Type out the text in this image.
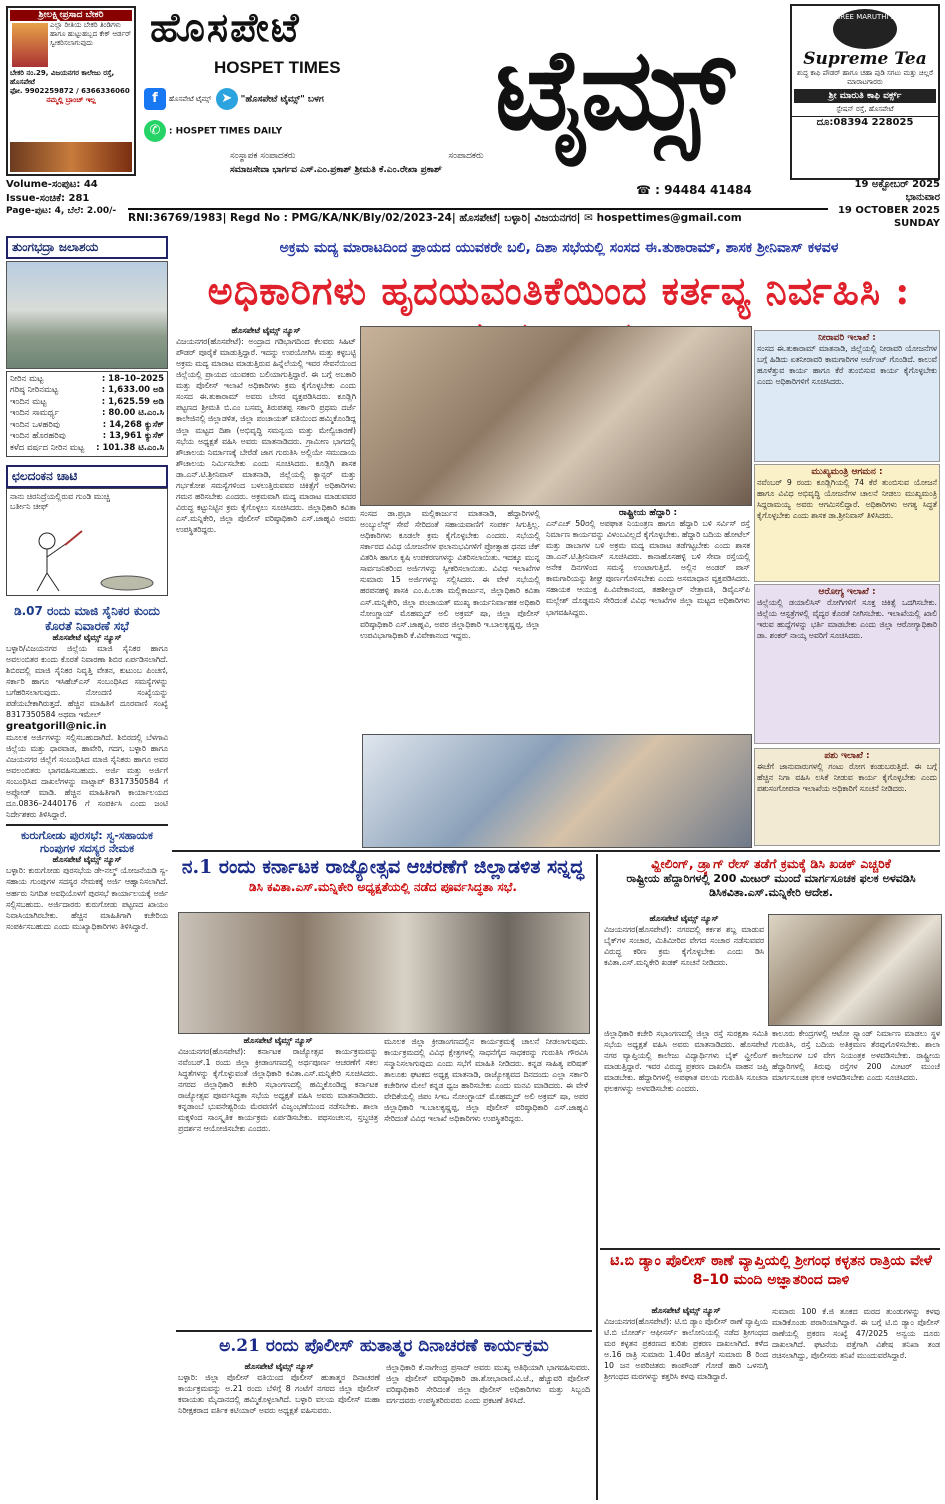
ಶ್ರೀಲಕ್ಷ್ಮೀಪ್ರಸಾದ ಬೇಕರಿ
ಎಲ್ಲಾ ರೀತಿಯ ಬೇಕರಿ ತಿಂಡಿಗಳು ಹಾಗೂ ಹುಟ್ಟುಹಬ್ಬದ ಕೇಕ್ ಆರ್ಡರ್ ಸ್ವೀಕರಿಸಲಾಗುವುದು
ಬೇಕರಿ ನಂ.29, ವಿಜಯನಗರ ಕಾಲೇಜು ರಸ್ತೆ, ಹೊಸಪೇಟೆ
ಫೋ. 9902259872 / 6366336060
ನಮ್ಮಲ್ಲಿ ಬ್ರಾಂಚ್ ಇಲ್ಲ
ಹೊಸಪೇಟೆ
HOSPET TIMES	ಟೈಮ್ಸ್
f ಹೊಸಪೇಟೆ ಟೈಮ್ಸ್ ➤ "ಹೊಸಪೇಟೆ ಟೈಮ್ಸ್" ಬಳಗ
✆ : HOSPET TIMES DAILY
SREE MARUTHI's
Supreme Tea
ಶುದ್ಧ ಕಾಫಿ ಪೌಡರ್ ಹಾಗೂ ಚಹಾ ಪುಡಿ ಸಗಟು ಮತ್ತು ಚಿಲ್ಲರೆ ಮಾರಾಟಗಾರರು
ಶ್ರೀ ಮಾರುತಿ ಕಾಫಿ ವರ್ಕ್ಸ್
ಸ್ಟೇಷನ್ ರಸ್ತೆ, ಹೊಸಪೇಟೆ
ದೂ:08394 228025
ಸಂಸ್ಥಾಪಕ ಸಂಪಾದಕರು	ಸಂಪಾದಕರು
ಸಮಾಜಸೇವಾ ಭಾರ್ಗವ ಎಸ್.ಎಂ.ಪ್ರಕಾಶ್ ಶ್ರೀಮತಿ ಕೆ.ಎಂ.ರೇಖಾ ಪ್ರಕಾಶ್
☎ : 94484 41484
Volume-ಸಂಪುಟ: 44
Issue-ಸಂಚಿಕೆ: 281
Page-ಪುಟ: 4, ಬೆಲೆ: 2.00/-
19 ಅಕ್ಟೋಬರ್ 2025
ಭಾನುವಾರ
19 OCTOBER 2025
SUNDAY
RNI:36769/1983| Regd No : PMG/KA/NK/Bly/02/2023-24| ಹೊಸಪೇಟೆ| ಬಳ್ಳಾರಿ| ವಿಜಯನಗರ| ✉ hospettimes@gmail.com
ತುಂಗಭದ್ರಾ ಜಲಾಶಯ
ನೀರಿನ ಮಟ್ಟ	: 18–10–2025
ಗರಿಷ್ಠ ನೀರಿನಮಟ್ಟ	: 1,633.00 ಅಡಿ
ಇಂದಿನ ಮಟ್ಟ	: 1,625.59 ಅಡಿ
ಇಂದಿನ ಸಾಮರ್ಥ್ಯ	: 80.00 ಟಿ.ಎಂ.ಸಿ
ಇಂದಿನ ಒಳಹರಿವು	: 14,268 ಕ್ಯುಸೆಕ್
ಇಂದಿನ ಹೊರಹರಿವು	: 13,961 ಕ್ಯುಸೆಕ್
ಕಳೆದ ವರ್ಷದ ನೀರಿನ ಮಟ್ಟ : 101.38 ಟಿ.ಎಂ.ಸಿ
ಛಲದಂಕನ ಚಾಟಿ
ನಾನು ಚಿರನಿದ್ರೆಯಲ್ಲಿರುವ ಗುಂಡಿ ಮುಚ್ಚಿ ಬರ್ತೀನಿ ಚೀಫ್
ಡಿ.07 ರಂದು ಮಾಜಿ ಸೈನಿಕರ ಕುಂದು ಕೊರತೆ ನಿವಾರಣೆ ಸಭೆ
ಹೊಸಪೇಟೆ ಟೈಮ್ಸ್ ನ್ಯೂಸ್
ಬಳ್ಳಾರಿ/ವಿಜಯನಗರ ಜಿಲ್ಲೆಯ ಮಾಜಿ ಸೈನಿಕರ ಹಾಗೂ ಅವಲಂಬಿತರ ಕುಂದು ಕೊರತೆ ನಿವಾರಣಾ ಶಿಬಿರ ಏರ್ಪಡಿಸಲಾಗಿದೆ. ಶಿಬಿರದಲ್ಲಿ ಮಾಜಿ ಸೈನಿಕರ ನಿವೃತ್ತಿ ವೇತನ, ಕುಟುಂಬ ಪಿಂಚಣಿ, ಸರ್ಕಾರಿ ಹಾಗೂ ಇಸಿಹೆಚ್ಎಸ್ ಸಂಬಂಧಿಸಿದ ಸಮಸ್ಯೆಗಳನ್ನು ಬಗೆಹರಿಸಲಾಗುವುದು. ನೋಂದಣಿ ಸಂಖ್ಯೆಯನ್ನು ಪಡೆಯಬೇಕಾಗಿರುತ್ತದೆ. ಹೆಚ್ಚಿನ ಮಾಹಿತಿಗೆ ದೂರವಾಣಿ ಸಂಖ್ಯೆ 8317350584 ಅಥವಾ ಇಮೇಲ್
greatgorill@nic.in
ಮೂಲಕ ಅರ್ಜಿಗಳನ್ನು ಸಲ್ಲಿಸಬಹುದಾಗಿದೆ. ಶಿಬಿರದಲ್ಲಿ ಬೆಳಗಾವಿ ಜಿಲ್ಲೆಯ ಮತ್ತು ಧಾರವಾಡ, ಹಾವೇರಿ, ಗದಗ, ಬಳ್ಳಾರಿ ಹಾಗೂ ವಿಜಯನಗರ ಜಿಲ್ಲೆಗೆ ಸಂಬಂಧಿಸಿದ ಮಾಜಿ ಸೈನಿಕರು ಹಾಗೂ ಅವರ ಅವಲಂಬಿತರು ಭಾಗವಹಿಸಬಹುದು. ಅರ್ಜಿ ಮತ್ತು ಅರ್ಜಿಗೆ ಸಂಬಂಧಿಸಿದ ದಾಖಲೆಗಳನ್ನು ವಾಟ್ಸಾಪ್ 8317350584 ಗೆ ಅಪ್ಲೋಡ್ ಮಾಡಿ. ಹೆಚ್ಚಿನ ಮಾಹಿತಿಗಾಗಿ ಕಾರ್ಯಾಲಯದ ದೂ.0836–2440176 ಗೆ ಸಂಪರ್ಕಿಸಿ ಎಂದು ಜಂಟಿ ನಿರ್ದೇಶಕರು ತಿಳಿಸಿದ್ದಾರೆ.
ಕುರುಗೋಡು ಪುರಸಭೆ: ಸ್ವ-ಸಹಾಯಕ ಗುಂಪುಗಳ ಸದಸ್ಯರ ನೇಮಕ
ಹೊಸಪೇಟೆ ಟೈಮ್ಸ್ ನ್ಯೂಸ್
ಬಳ್ಳಾರಿ: ಕುರುಗೋಡು ಪುರಸಭೆಯ ಡೇ-ನಲ್ಮ್ ಯೋಜನೆಯಡಿ ಸ್ವ-ಸಹಾಯ ಗುಂಪುಗಳ ಸದಸ್ಯರ ನೇಮಕಕ್ಕೆ ಅರ್ಜಿ ಆಹ್ವಾನಿಸಲಾಗಿದೆ. ಅರ್ಹರು ನಿಗದಿತ ಅವಧಿಯೊಳಗೆ ಪುರಸಭೆ ಕಾರ್ಯಾಲಯಕ್ಕೆ ಅರ್ಜಿ ಸಲ್ಲಿಸಬಹುದು. ಅರ್ಜಿದಾರರು ಕುರುಗೋಡು ಪಟ್ಟಣದ ಖಾಯಂ ನಿವಾಸಿಯಾಗಿರಬೇಕು. ಹೆಚ್ಚಿನ ಮಾಹಿತಿಗಾಗಿ ಕಚೇರಿಯ ಸಂಪರ್ಕಿಸಬಹುದು ಎಂದು ಮುಖ್ಯಾಧಿಕಾರಿಗಳು ತಿಳಿಸಿದ್ದಾರೆ.
ಅಕ್ರಮ ಮದ್ಯ ಮಾರಾಟದಿಂದ ಪ್ರಾಯದ ಯುವಕರೇ ಬಲಿ, ದಿಶಾ ಸಭೆಯಲ್ಲಿ ಸಂಸದ ಈ.ತುಕಾರಾಮ್, ಶಾಸಕ ಶ್ರೀನಿವಾಸ್ ಕಳವಳ
ಅಧಿಕಾರಿಗಳು ಹೃದಯವಂತಿಕೆಯಿಂದ ಕರ್ತವ್ಯ ನಿರ್ವಹಿಸಿ :
ಹೊಸಪೇಟೆ ಟೈಮ್ಸ್ ನ್ಯೂಸ್
ವಿಜಯನಗರ(ಹೊಸಪೇಟೆ): ಅಂದ್ರಾದ ಗಡಿಭಾಗದಿಂದ ಕೆಲವರು ಸಿಹಿಟ್ ಪೌಡರ್ ಪೂರೈಕೆ ಮಾಡುತ್ತಿದ್ದಾರೆ. ಇದನ್ನು ಉಪಯೋಗಿಸಿ ಮತ್ತು ಕಳ್ಳಬಟ್ಟಿ ಅಕ್ರಮ ಮದ್ಯ ಮಾರಾಟ ಮಾಡುತ್ತಿರುವ ಹಿನ್ನೆಲೆಯಲ್ಲಿ ಇವರ ಸೇವನೆಯಿಂದ ಜಿಲ್ಲೆಯಲ್ಲಿ ಪ್ರಾಯದ ಯುವಕರು ಬಲಿಯಾಗುತ್ತಿದ್ದಾರೆ. ಈ ಬಗ್ಗೆ ಅಬಕಾರಿ ಮತ್ತು ಪೊಲೀಸ್ ಇಲಾಖೆ ಅಧಿಕಾರಿಗಳು ಕ್ರಮ ಕೈಗೊಳ್ಳಬೇಕು ಎಂದು ಸಂಸದ ಈ.ತುಕಾರಾಮ್ ಅವರು ಬೇಸರ ವ್ಯಕ್ತಪಡಿಸಿದರು. ಕೂಡ್ಲಿಗಿ ಪಟ್ಟಣದ ಶ್ರೀಮತಿ ಬಿ.ಎಂ ಬಸಮ್ಮ ತಿರುಪತಪ್ಪ ಸರ್ಕಾರಿ ಪ್ರಥಮ ದರ್ಜೆ ಕಾಲೇಜಿನಲ್ಲಿ ಜಿಲ್ಲಾಡಳಿತ, ಜಿಲ್ಲಾ ಪಂಚಾಯತ್ ವತಿಯಿಂದ ಹಮ್ಮಿಕೊಂಡಿದ್ದ ಜಿಲ್ಲಾ ಮಟ್ಟದ ದಿಶಾ (ಅಭಿವೃದ್ಧಿ ಸಮನ್ವಯ ಮತ್ತು ಮೇಲ್ವಿಚಾರಣೆ) ಸಭೆಯ ಅಧ್ಯಕ್ಷತೆ ವಹಿಸಿ ಅವರು ಮಾತನಾಡಿದರು. ಗ್ರಾಮೀಣ ಭಾಗದಲ್ಲಿ ಶೌಚಾಲಯ ನಿರ್ಮಾಣಕ್ಕೆ ಬೇರೆಡೆ ಜಾಗ ಗುರುತಿಸಿ ಅಲ್ಲಿಯೇ ಸಮುದಾಯ ಶೌಚಾಲಯ ನಿರ್ಮಿಸಬೇಕು ಎಂದು ಸೂಚಿಸಿದರು. ಕೂಡ್ಲಿಗಿ ಶಾಸಕ ಡಾ.ಎನ್.ಟಿ.ಶ್ರೀನಿವಾಸ್ ಮಾತನಾಡಿ, ಜಿಲ್ಲೆಯಲ್ಲಿ ಕ್ಯಾನ್ಸರ್ ಮತ್ತು ಗರ್ಭಕೋಶ ಸಮಸ್ಯೆಗಳಿಂದ ಬಳಲುತ್ತಿರುವವರ ಚಿಕಿತ್ಸೆಗೆ ಅಧಿಕಾರಿಗಳು ಗಮನ ಹರಿಸಬೇಕು ಎಂದರು. ಅಕ್ರಮವಾಗಿ ಮದ್ಯ ಮಾರಾಟ ಮಾಡುವವರ ವಿರುದ್ಧ ಕಟ್ಟುನಿಟ್ಟಿನ ಕ್ರಮ ಕೈಗೊಳ್ಳಲು ಸೂಚಿಸಿದರು. ಜಿಲ್ಲಾಧಿಕಾರಿ ಕವಿತಾ ಎಸ್.ಮನ್ನಿಕೇರಿ, ಜಿಲ್ಲಾ ಪೊಲೀಸ್ ವರಿಷ್ಠಾಧಿಕಾರಿ ಎಸ್.ಜಾಹ್ನವಿ ಅವರು ಉಪಸ್ಥಿತರಿದ್ದರು.
ಸಂಸದ ಡಾ.ಪ್ರಭಾ ಮಲ್ಲಿಕಾರ್ಜುನ ಮಾತನಾಡಿ, ಹೆದ್ದಾರಿಗಳಲ್ಲಿ ಅಂಬ್ಯುಲೆನ್ಸ್ ಸೇವೆ ಸೇರಿದಂತೆ ಸಹಾಯವಾಣಿಗೆ ಸಂಪರ್ಕ ಸಿಗುತ್ತಿಲ್ಲ. ಅಧಿಕಾರಿಗಳು ಕೂಡಲೇ ಕ್ರಮ ಕೈಗೊಳ್ಳಬೇಕು ಎಂದರು. ಸಭೆಯಲ್ಲಿ ಸರ್ಕಾರದ ವಿವಿಧ ಯೋಜನೆಗಳ ಫಲಾನುಭವಿಗಳಿಗೆ ಪ್ರೋತ್ಸಾಹ ಧನದ ಚೆಕ್ ವಿತರಿಸಿ ಹಾಗೂ ಕೃಷಿ ಉಪಕರಣಗಳನ್ನು ವಿತರಿಸಲಾಯಿತು. ಇದಕ್ಕೂ ಮುನ್ನ ಸಾರ್ವಜನಿಕರಿಂದ ಅರ್ಜಿಗಳನ್ನು ಸ್ವೀಕರಿಸಲಾಯಿತು. ವಿವಿಧ ಇಲಾಖೆಗಳ ಸುಮಾರು 15 ಅರ್ಜಿಗಳನ್ನು ಸಲ್ಲಿಸಿದರು. ಈ ವೇಳೆ ಸಭೆಯಲ್ಲಿ ಹರಪನಹಳ್ಳಿ ಶಾಸಕಿ ಎಂ.ಪಿ.ಲತಾ ಮಲ್ಲಿಕಾರ್ಜುನ, ಜಿಲ್ಲಾಧಿಕಾರಿ ಕವಿತಾ ಎಸ್.ಮನ್ನಿಕೇರಿ, ಜಿಲ್ಲಾ ಪಂಚಾಯತ್ ಮುಖ್ಯ ಕಾರ್ಯನಿರ್ವಾಹಕ ಅಧಿಕಾರಿ ನೋಂಗ್ಜಾಯ್ ಮೊಹಮ್ಮದ್ ಅಲಿ ಅಕ್ರಮ್ ಷಾ, ಜಿಲ್ಲಾ ಪೊಲೀಸ್ ವರಿಷ್ಠಾಧಿಕಾರಿ ಎಸ್.ಜಾಹ್ನವಿ, ಅಪರ ಜಿಲ್ಲಾಧಿಕಾರಿ ಇ.ಬಾಲಕೃಷ್ಣಪ್ಪ, ಜಿಲ್ಲಾ ಉಪವಿಭಾಗಾಧಿಕಾರಿ ಕೆ.ವಿವೇಕಾನಂದ ಇದ್ದರು.
ರಾಷ್ಟ್ರೀಯ ಹೆದ್ದಾರಿ :
ಎನ್ಎಚ್ 50ರಲ್ಲಿ ಅಪಘಾತ ನಿಯಂತ್ರಣ ಹಾಗೂ ಹೆದ್ದಾರಿ ಬಳಿ ಸರ್ವಿಸ್ ರಸ್ತೆ ನಿರ್ಮಾಣ ಕಾರ್ಯವನ್ನು ವಿಳಂಬವಿಲ್ಲದೆ ಕೈಗೊಳ್ಳಬೇಕು. ಹೆದ್ದಾರಿ ಬದಿಯ ಹೋಟೆಲ್ ಮತ್ತು ಡಾಬಾಗಳ ಬಳಿ ಅಕ್ರಮ ಮದ್ಯ ಮಾರಾಟ ತಡೆಗಟ್ಟಬೇಕು ಎಂದು ಶಾಸಕ ಡಾ.ಎನ್.ಟಿ.ಶ್ರೀನಿವಾಸ್ ಸೂಚಿಸಿದರು. ಕಾನಾಹೊಸಹಳ್ಳಿ ಬಳಿ ಸೇವಾ ರಸ್ತೆಯಲ್ಲಿ ಅನೇಕ ದಿನಗಳಿಂದ ಸಮಸ್ಯೆ ಉಂಟಾಗುತ್ತಿದೆ. ಅಲ್ಲಿನ ಅಂಡರ್ ಪಾಸ್ ಕಾಮಗಾರಿಯನ್ನು ಶೀಘ್ರ ಪೂರ್ಣಗೊಳಿಸಬೇಕು ಎಂದು ಅಸಮಾಧಾನ ವ್ಯಕ್ತಪಡಿಸಿದರು. ಸಹಾಯಕ ಆಯುಕ್ತ ಪಿ.ವಿವೇಕಾನಂದ, ತಹಶೀಲ್ದಾರ್ ನೇತ್ರಾವತಿ, ಡಿವೈಎಸ್‌ಪಿ ಮಲ್ಲೇಶ್ ದೊಡ್ಡಮನಿ ಸೇರಿದಂತೆ ವಿವಿಧ ಇಲಾಖೆಗಳ ಜಿಲ್ಲಾ ಮಟ್ಟದ ಅಧಿಕಾರಿಗಳು ಭಾಗವಹಿಸಿದ್ದರು.
ನೀರಾವರಿ ಇಲಾಖೆ :
ಸಂಸದ ಈ.ತುಕಾರಾಮ್ ಮಾತನಾಡಿ, ಜಿಲ್ಲೆಯಲ್ಲಿ ನೀರಾವರಿ ಯೋಜನೆಗಳ ಬಗ್ಗೆ ಹಿಡಿದು ಏತನೀರಾವರಿ ಕಾಮಗಾರಿಗಳ ಅರ್ಜೆಂಟ್ ಗೊಂಡಿದೆ. ಕಾಲುವೆ ಹೂಳೆತ್ತುವ ಕಾರ್ಯ ಹಾಗೂ ಕೆರೆ ತುಂಬಿಸುವ ಕಾರ್ಯ ಕೈಗೊಳ್ಳಬೇಕು ಎಂದು ಅಧಿಕಾರಿಗಳಿಗೆ ಸೂಚಿಸಿದರು.
ಮುಖ್ಯಮಂತ್ರಿ ಆಗಮನ :
ನವೆಂಬರ್ 9 ರಂದು ಕೂಡ್ಲಿಗಿಯಲ್ಲಿ 74 ಕೆರೆ ತುಂಬಿಸುವ ಯೋಜನೆ ಹಾಗೂ ವಿವಿಧ ಅಭಿವೃದ್ಧಿ ಯೋಜನೆಗಳ ಚಾಲನೆ ನೀಡಲು ಮುಖ್ಯಮಂತ್ರಿ ಸಿದ್ದರಾಮಯ್ಯ ಅವರು ಆಗಮಿಸಲಿದ್ದಾರೆ. ಅಧಿಕಾರಿಗಳು ಅಗತ್ಯ ಸಿದ್ಧತೆ ಕೈಗೊಳ್ಳಬೇಕು ಎಂದು ಶಾಸಕ ಡಾ.ಶ್ರೀನಿವಾಸ್ ತಿಳಿಸಿದರು.
ಆರೋಗ್ಯ ಇಲಾಖೆ :
ಜಿಲ್ಲೆಯಲ್ಲಿ ಡಯಾಲಿಸಿಸ್ ರೋಗಿಗಳಿಗೆ ಸೂಕ್ತ ಚಿಕಿತ್ಸೆ ಒದಗಿಸಬೇಕು. ಜಿಲ್ಲೆಯ ಆಸ್ಪತ್ರೆಗಳಲ್ಲಿ ವೈದ್ಯರ ಕೊರತೆ ನೀಗಿಸಬೇಕು. ಇಲಾಖೆಯಲ್ಲಿ ಖಾಲಿ ಇರುವ ಹುದ್ದೆಗಳನ್ನು ಭರ್ತಿ ಮಾಡಬೇಕು ಎಂದು ಜಿಲ್ಲಾ ಆರೋಗ್ಯಾಧಿಕಾರಿ ಡಾ. ಶಂಕರ್ ನಾಯ್ಕ ಅವರಿಗೆ ಸೂಚಿಸಿದರು.
ಪಶು ಇಲಾಖೆ :
ಈಚೆಗೆ ಜಾನುವಾರುಗಳಲ್ಲಿ ಗಂಟು ರೋಗ ಕಂಡುಬರುತ್ತಿದೆ. ಈ ಬಗ್ಗೆ ಹೆಚ್ಚಿನ ನಿಗಾ ವಹಿಸಿ ಲಸಿಕೆ ನೀಡುವ ಕಾರ್ಯ ಕೈಗೊಳ್ಳಬೇಕು ಎಂದು ಪಶುಸಂಗೋಪನಾ ಇಲಾಖೆಯ ಅಧಿಕಾರಿಗೆ ಸೂಚನೆ ನೀಡಿದರು.
ನ.1 ರಂದು ಕರ್ನಾಟಕ ರಾಜ್ಯೋತ್ಸವ ಆಚರಣೆಗೆ ಜಿಲ್ಲಾಡಳಿತ ಸನ್ನದ್ಧ
ಡಿಸಿ ಕವಿತಾ.ಎಸ್.ಮನ್ನಿಕೇರಿ ಅಧ್ಯಕ್ಷತೆಯಲ್ಲಿ ನಡೆದ ಪೂರ್ವಸಿದ್ಧತಾ ಸಭೆ.
ಹೊಸಪೇಟೆ ಟೈಮ್ಸ್ ನ್ಯೂಸ್
ವಿಜಯನಗರ(ಹೊಸಪೇಟೆ): ಕರ್ನಾಟಕ ರಾಜ್ಯೋತ್ಸವ ಕಾರ್ಯಕ್ರಮವನ್ನು ನವೆಂಬರ್.1 ರಂದು ಜಿಲ್ಲಾ ಕ್ರೀಡಾಂಗಣದಲ್ಲಿ ಅರ್ಥಪೂರ್ಣ ಆಚರಣೆಗೆ ಸಕಲ ಸಿದ್ಧತೆಗಳನ್ನು ಕೈಗೊಳ್ಳುವಂತೆ ಜಿಲ್ಲಾಧಿಕಾರಿ ಕವಿತಾ.ಎಸ್.ಮನ್ನಿಕೇರಿ ಸೂಚಿಸಿದರು. ನಗರದ ಜಿಲ್ಲಾಧಿಕಾರಿ ಕಚೇರಿ ಸಭಾಂಗಣದಲ್ಲಿ ಹಮ್ಮಿಕೊಂಡಿದ್ದ ಕರ್ನಾಟಕ ರಾಜ್ಯೋತ್ಸವ ಪೂರ್ವಸಿದ್ಧತಾ ಸಭೆಯ ಅಧ್ಯಕ್ಷತೆ ವಹಿಸಿ ಅವರು ಮಾತನಾಡಿದರು. ಕನ್ನಡಾಂಬೆ ಭುವನೇಶ್ವರಿಯ ಮೆರವಣಿಗೆ ವಿಜೃಂಭಣೆಯಿಂದ ನಡೆಸಬೇಕು. ಶಾಲಾ ಮಕ್ಕಳಿಂದ ಸಾಂಸ್ಕೃತಿಕ ಕಾರ್ಯಕ್ರಮ ಏರ್ಪಡಿಸಬೇಕು. ಪಥಸಂಚಲನ, ಸ್ತಬ್ಧಚಿತ್ರ ಪ್ರದರ್ಶನ ಆಯೋಜಿಸಬೇಕು ಎಂದರು.
ಮೂಲಕ ಜಿಲ್ಲಾ ಕ್ರೀಡಾಂಗಣದಲ್ಲಿನ ಕಾರ್ಯಕ್ರಮಕ್ಕೆ ಚಾಲನೆ ನೀಡಲಾಗುವುದು. ಕಾರ್ಯಕ್ರಮದಲ್ಲಿ ವಿವಿಧ ಕ್ಷೇತ್ರಗಳಲ್ಲಿ ಸಾಧನೆಗೈದ ಸಾಧಕರನ್ನು ಗುರುತಿಸಿ ಗೌರವಿಸಿ ಸನ್ಮಾನಿಸಲಾಗುವುದು ಎಂದು ಸಭೆಗೆ ಮಾಹಿತಿ ನೀಡಿದರು. ಕನ್ನಡ ಸಾಹಿತ್ಯ ಪರಿಷತ್ ತಾಲೂಕು ಘಟಕದ ಅಧ್ಯಕ್ಷ ಮಾತನಾಡಿ, ರಾಜ್ಯೋತ್ಸವದ ದಿನದಂದು ಎಲ್ಲಾ ಸರ್ಕಾರಿ ಕಚೇರಿಗಳ ಮೇಲೆ ಕನ್ನಡ ಧ್ವಜ ಹಾರಿಸಬೇಕು ಎಂದು ಮನವಿ ಮಾಡಿದರು. ಈ ವೇಳೆ ವೇದಿಕೆಯಲ್ಲಿ ಜಿಪಂ ಸಿಇಒ ನೋಂಗ್ಜಾಯ್ ಮೊಹಮ್ಮದ್ ಅಲಿ ಅಕ್ರಮ್ ಷಾ, ಅಪರ ಜಿಲ್ಲಾಧಿಕಾರಿ ಇ.ಬಾಲಕೃಷ್ಣಪ್ಪ, ಜಿಲ್ಲಾ ಪೊಲೀಸ್ ವರಿಷ್ಠಾಧಿಕಾರಿ ಎಸ್.ಜಾಹ್ನವಿ ಸೇರಿದಂತೆ ವಿವಿಧ ಇಲಾಖೆ ಅಧಿಕಾರಿಗಳು ಉಪಸ್ಥಿತರಿದ್ದರು.
ಅ.21 ರಂದು ಪೊಲೀಸ್ ಹುತಾತ್ಮರ ದಿನಾಚರಣೆ ಕಾರ್ಯಕ್ರಮ
ಹೊಸಪೇಟೆ ಟೈಮ್ಸ್ ನ್ಯೂಸ್
ಬಳ್ಳಾರಿ: ಜಿಲ್ಲಾ ಪೊಲೀಸ್ ವತಿಯಿಂದ ಪೊಲೀಸ್ ಹುತಾತ್ಮರ ದಿನಾಚರಣೆ ಕಾರ್ಯಕ್ರಮವನ್ನು ಅ.21 ರಂದು ಬೆಳಿಗ್ಗೆ 8 ಗಂಟೆಗೆ ನಗರದ ಜಿಲ್ಲಾ ಪೊಲೀಸ್ ಕವಾಯತು ಮೈದಾನದಲ್ಲಿ ಹಮ್ಮಿಕೊಳ್ಳಲಾಗಿದೆ. ಬಳ್ಳಾರಿ ವಲಯ ಪೊಲೀಸ್ ಮಹಾ ನಿರೀಕ್ಷಕರಾದ ವರ್ತಿಕ ಕಟಿಯಾರ್ ಅವರು ಅಧ್ಯಕ್ಷತೆ ವಹಿಸುವರು.
ಜಿಲ್ಲಾಧಿಕಾರಿ ಕೆ.ನಾಗೇಂದ್ರ ಪ್ರಸಾದ್ ಅವರು ಮುಖ್ಯ ಅತಿಥಿಯಾಗಿ ಭಾಗವಹಿಸುವರು. ಜಿಲ್ಲಾ ಪೊಲೀಸ್ ವರಿಷ್ಠಾಧಿಕಾರಿ ಡಾ.ಶೋಭಾರಾಣಿ.ವಿ.ಜೆ., ಹೆಚ್ಚುವರಿ ಪೊಲೀಸ್ ವರಿಷ್ಠಾಧಿಕಾರಿ ಸೇರಿದಂತೆ ಜಿಲ್ಲಾ ಪೊಲೀಸ್ ಅಧಿಕಾರಿಗಳು ಮತ್ತು ಸಿಬ್ಬಂದಿ ವರ್ಗದವರು ಉಪಸ್ಥಿತರಿರುವರು ಎಂದು ಪ್ರಕಟಣೆ ತಿಳಿಸಿದೆ.
ವ್ಹೀಲಿಂಗ್, ಡ್ರ್ಯಾಗ್ ರೇಸ್ ತಡೆಗೆ ಕ್ರಮಕ್ಕೆ ಡಿಸಿ ಖಡಕ್ ಎಚ್ಚರಿಕೆ
ರಾಷ್ಟ್ರೀಯ ಹೆದ್ದಾರಿಗಳಲ್ಲಿ 200 ಮೀಟರ್ ಮುಂದೆ ಮಾರ್ಗಸೂಚಕ ಫಲಕ ಅಳವಡಿಸಿ ಡಿಸಿಕವಿತಾ.ಎಸ್.ಮನ್ನಿಕೇರಿ ಆದೇಶ.
ಹೊಸಪೇಟೆ ಟೈಮ್ಸ್ ನ್ಯೂಸ್
ವಿಜಯನಗರ(ಹೊಸಪೇಟೆ): ನಗರದಲ್ಲಿ ಕರ್ಕಶ ಶಬ್ದ ಮಾಡುವ ಬೈಕ್‌ಗಳ ಸಂಚಾರ, ಮಿತಿಮೀರಿದ ವೇಗದ ಸಂಚಾರ ನಡೆಸುವವರ ವಿರುದ್ಧ ಕಠಿಣ ಕ್ರಮ ಕೈಗೊಳ್ಳಬೇಕು ಎಂದು ಡಿಸಿ ಕವಿತಾ.ಎಸ್.ಮನ್ನಿಕೇರಿ ಖಡಕ್ ಸೂಚನೆ ನೀಡಿದರು.
ಜಿಲ್ಲಾಧಿಕಾರಿ ಕಚೇರಿ ಸಭಾಂಗಣದಲ್ಲಿ ಜಿಲ್ಲಾ ರಸ್ತೆ ಸುರಕ್ಷತಾ ಸಮಿತಿ ಸಭೆಯ ಅಧ್ಯಕ್ಷತೆ ವಹಿಸಿ ಅವರು ಮಾತನಾಡಿದರು. ಹೊಸಪೇಟೆ ನಗರ ವ್ಯಾಪ್ತಿಯಲ್ಲಿ ಕಾಲೇಜು ವಿದ್ಯಾರ್ಥಿಗಳು ಬೈಕ್ ವ್ಹೀಲಿಂಗ್ ಮಾಡುತ್ತಿದ್ದಾರೆ. ಇವರ ವಿರುದ್ಧ ಪ್ರಕರಣ ದಾಖಲಿಸಿ ವಾಹನ ಜಪ್ತಿ ಮಾಡಬೇಕು. ಹೆದ್ದಾರಿಗಳಲ್ಲಿ ಅಪಘಾತ ವಲಯ ಗುರುತಿಸಿ ಸೂಚನಾ ಫಲಕಗಳನ್ನು ಅಳವಡಿಸಬೇಕು ಎಂದರು.
ಕಾಲೂರು ಕೇಂದ್ರಗಳಲ್ಲಿ ಆಟೋ ಸ್ಟ್ಯಾಂಡ್ ನಿರ್ಮಾಣ ಮಾಡಲು ಸ್ಥಳ ಗುರುತಿಸಿ, ರಸ್ತೆ ಬದಿಯ ಅತಿಕ್ರಮಣ ತೆರವುಗೊಳಿಸಬೇಕು. ಶಾಲಾ ಕಾಲೇಜುಗಳ ಬಳಿ ವೇಗ ನಿಯಂತ್ರಕ ಅಳವಡಿಸಬೇಕು. ರಾಷ್ಟ್ರೀಯ ಹೆದ್ದಾರಿಗಳಲ್ಲಿ ತಿರುವು ರಸ್ತೆಗಳ 200 ಮೀಟರ್ ಮುಂಚೆ ಮಾರ್ಗಸೂಚಕ ಫಲಕ ಅಳವಡಿಸಬೇಕು ಎಂದು ಸೂಚಿಸಿದರು.
ಟಿ.ಬಿ ಡ್ಯಾಂ ಪೊಲೀಸ್ ಠಾಣೆ ವ್ಯಾಪ್ತಿಯಲ್ಲಿ ಶ್ರೀಗಂಧ ಕಳ್ಳತನ ರಾತ್ರಿಯ ವೇಳೆ 8–10 ಮಂದಿ ಅಜ್ಞಾತರಿಂದ ದಾಳಿ
ಹೊಸಪೇಟೆ ಟೈಮ್ಸ್ ನ್ಯೂಸ್
ವಿಜಯನಗರ(ಹೊಸಪೇಟೆ): ಟಿ.ಬಿ ಡ್ಯಾಂ ಪೊಲೀಸ್ ಠಾಣೆ ವ್ಯಾಪ್ತಿಯ ಟಿ.ಬಿ ಬೋರ್ಡ್ ಆಫೀಸರ್ಸ್ ಕಾಲೋನಿಯಲ್ಲಿ ನಡೆದ ಶ್ರೀಗಂಧದ ಮರ ಕಳ್ಳತನ ಪ್ರಕರಣದ ಕುರಿತು ಪ್ರಕರಣ ದಾಖಲಾಗಿದೆ. ಕಳೆದ ಅ.16 ರಾತ್ರಿ ಸುಮಾರು 1.40ರ ಹೊತ್ತಿಗೆ ಸುಮಾರು 8 ರಿಂದ 10 ಜನ ಅಪರಿಚಿತರು ಕಾಂಪೌಂಡ್ ಗೋಡೆ ಹಾರಿ ಒಳನುಗ್ಗಿ ಶ್ರೀಗಂಧದ ಮರಗಳನ್ನು ಕತ್ತರಿಸಿ ಕಳವು ಮಾಡಿದ್ದಾರೆ.
ಸುಮಾರು 100 ಕೆ.ಜಿ ತೂಕದ ಮರದ ತುಂಡುಗಳನ್ನು ಕಳವು ಮಾಡಿಕೊಂಡು ಪರಾರಿಯಾಗಿದ್ದಾರೆ. ಈ ಬಗ್ಗೆ ಟಿ.ಬಿ ಡ್ಯಾಂ ಪೊಲೀಸ್ ಠಾಣೆಯಲ್ಲಿ ಪ್ರಕರಣ ಸಂಖ್ಯೆ 47/2025 ಅನ್ವಯ ದೂರು ದಾಖಲಾಗಿದೆ. ಘಟನೆಯ ಪತ್ತೆಗಾಗಿ ವಿಶೇಷ ತನಿಖಾ ತಂಡ ರಚಿಸಲಾಗಿದ್ದು, ಪೊಲೀಸರು ತನಿಖೆ ಮುಂದುವರೆಸಿದ್ದಾರೆ.
